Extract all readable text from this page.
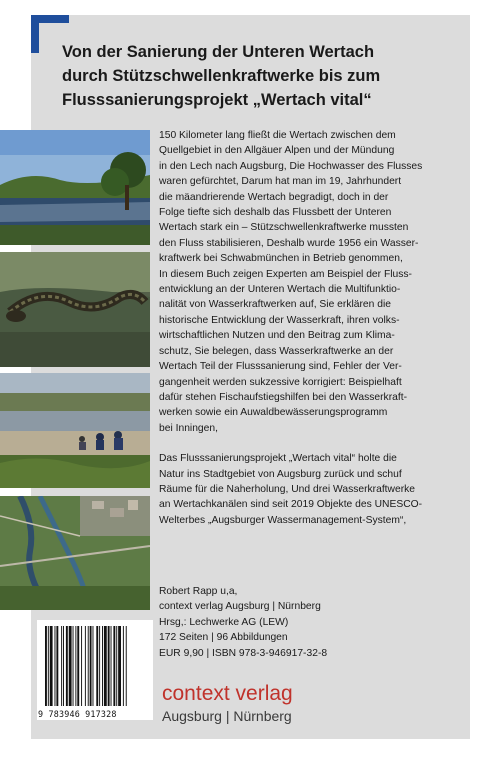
Von der Sanierung der Unteren Wertach
durch Stützschwellenkraftwerke bis zum
Flusssanierungsprojekt „Wertach vital“
150 Kilometer lang fließt die Wertach zwischen dem
Quellgebiet in den Allgäuer Alpen und der Mündung
in den Lech nach Augsburg, Die Hochwasser des Flusses
waren gefürchtet, Darum hat man im 19, Jahrhundert
die mäandrierende Wertach begradigt, doch in der
Folge tiefte sich deshalb das Flussbett der Unteren
Wertach stark ein – Stützschwellenkraftwerke mussten
den Fluss stabilisieren, Deshalb wurde 1956 ein Wasser-
kraftwerk bei Schwabmünchen in Betrieb genommen,
In diesem Buch zeigen Experten am Beispiel der Fluss-
entwicklung an der Unteren Wertach die Multifunktio-
nalität von Wasserkraftwerken auf, Sie erklären die
historische Entwicklung der Wasserkraft, ihren volks-
wirtschaftlichen Nutzen und den Beitrag zum Klima-
schutz, Sie belegen, dass Wasserkraftwerke an der
Wertach Teil der Flusssanierung sind, Fehler der Ver-
gangenheit werden sukzessive korrigiert: Beispielhaft
dafür stehen Fischaufstiegshilfen bei den Wasserkraft-
werken sowie ein Auwaldbewässerungsprogramm
bei Inningen,
Das Flusssanierungsprojekt „Wertach vital“ holte die
Natur ins Stadtgebiet von Augsburg zurück und schuf
Räume für die Naherholung, Und drei Wasserkraftwerke
an Wertachkanälen sind seit 2019 Objekte des UNESCO-
Welterbes „Augsburger Wassermanagement-System“,
Robert Rapp u,a,
context verlag Augsburg | Nürnberg
Hrsg,: Lechwerke AG (LEW)
172 Seiten | 96 Abbildungen
EUR 9,90 | ISBN 978-3-946917-32-8
9 783946 917328
context verlag
Augsburg | Nürnberg
